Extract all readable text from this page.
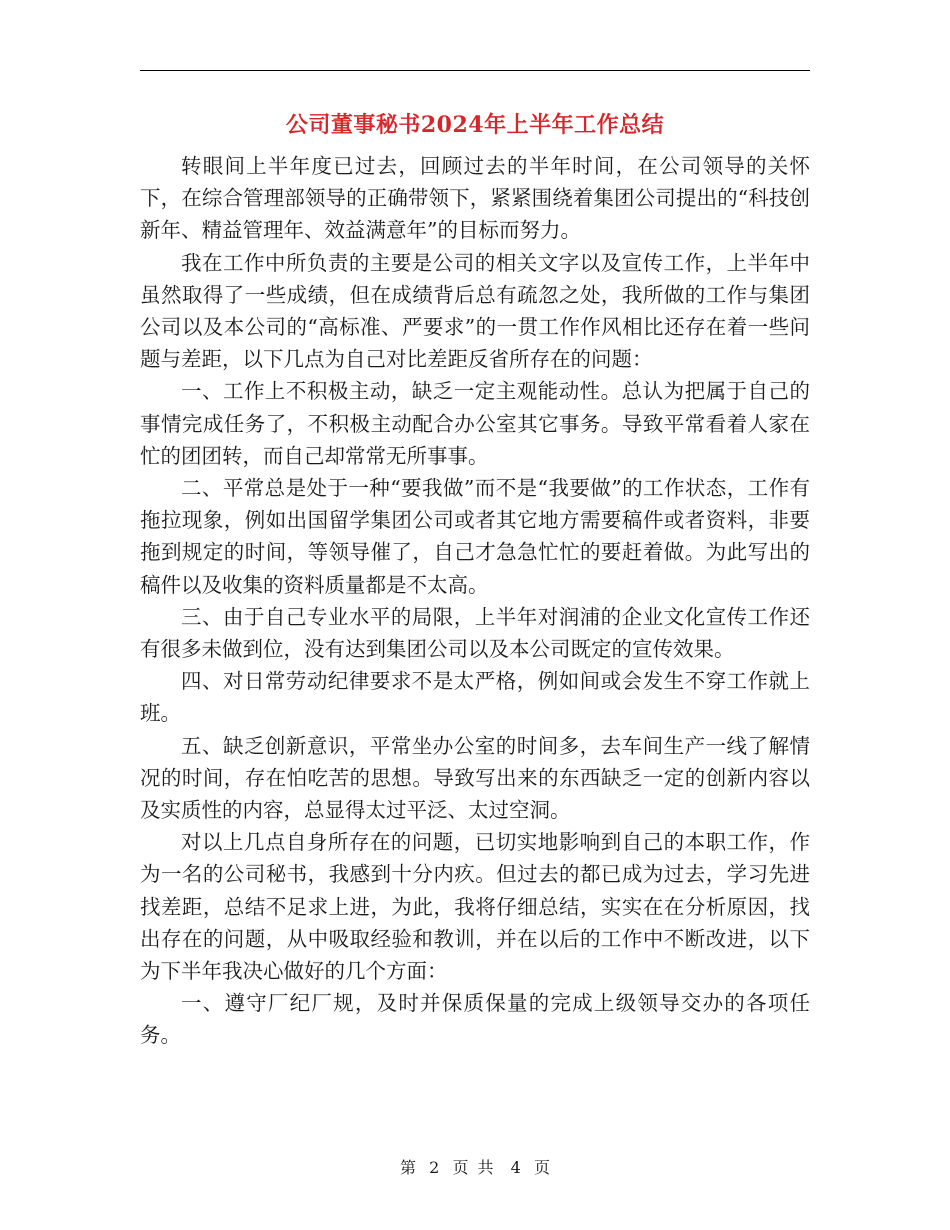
公司董事秘书2024年上半年工作总结

转眼间上半年度已过去，回顾过去的半年时间，在公司领导的关怀下，在综合管理部领导的正确带领下，紧紧围绕着集团公司提出的“科技创新年、精益管理年、效益满意年”的目标而努力。

我在工作中所负责的主要是公司的相关文字以及宣传工作，上半年中虽然取得了一些成绩，但在成绩背后总有疏忽之处，我所做的工作与集团公司以及本公司的“高标准、严要求”的一贯工作作风相比还存在着一些问题与差距，以下几点为自己对比差距反省所存在的问题：

一、工作上不积极主动，缺乏一定主观能动性。总认为把属于自己的事情完成任务了，不积极主动配合办公室其它事务。导致平常看着人家在忙的团团转，而自己却常常无所事事。

二、平常总是处于一种“要我做”而不是“我要做”的工作状态，工作有拖拉现象，例如出国留学集团公司或者其它地方需要稿件或者资料，非要拖到规定的时间，等领导催了，自己才急急忙忙的要赶着做。为此写出的稿件以及收集的资料质量都是不太高。

三、由于自己专业水平的局限，上半年对润浦的企业文化宣传工作还有很多未做到位，没有达到集团公司以及本公司既定的宣传效果。

四、对日常劳动纪律要求不是太严格，例如间或会发生不穿工作就上班。

五、缺乏创新意识，平常坐办公室的时间多，去车间生产一线了解情况的时间，存在怕吃苦的思想。导致写出来的东西缺乏一定的创新内容以及实质性的内容，总显得太过平泛、太过空洞。

对以上几点自身所存在的问题，已切实地影响到自己的本职工作，作为一名的公司秘书，我感到十分内疚。但过去的都已成为过去，学习先进找差距，总结不足求上进，为此，我将仔细总结，实实在在分析原因，找出存在的问题，从中吸取经验和教训，并在以后的工作中不断改进，以下为下半年我决心做好的几个方面：

一、遵守厂纪厂规，及时并保质保量的完成上级领导交办的各项任务。

第 2 页 共 4 页
